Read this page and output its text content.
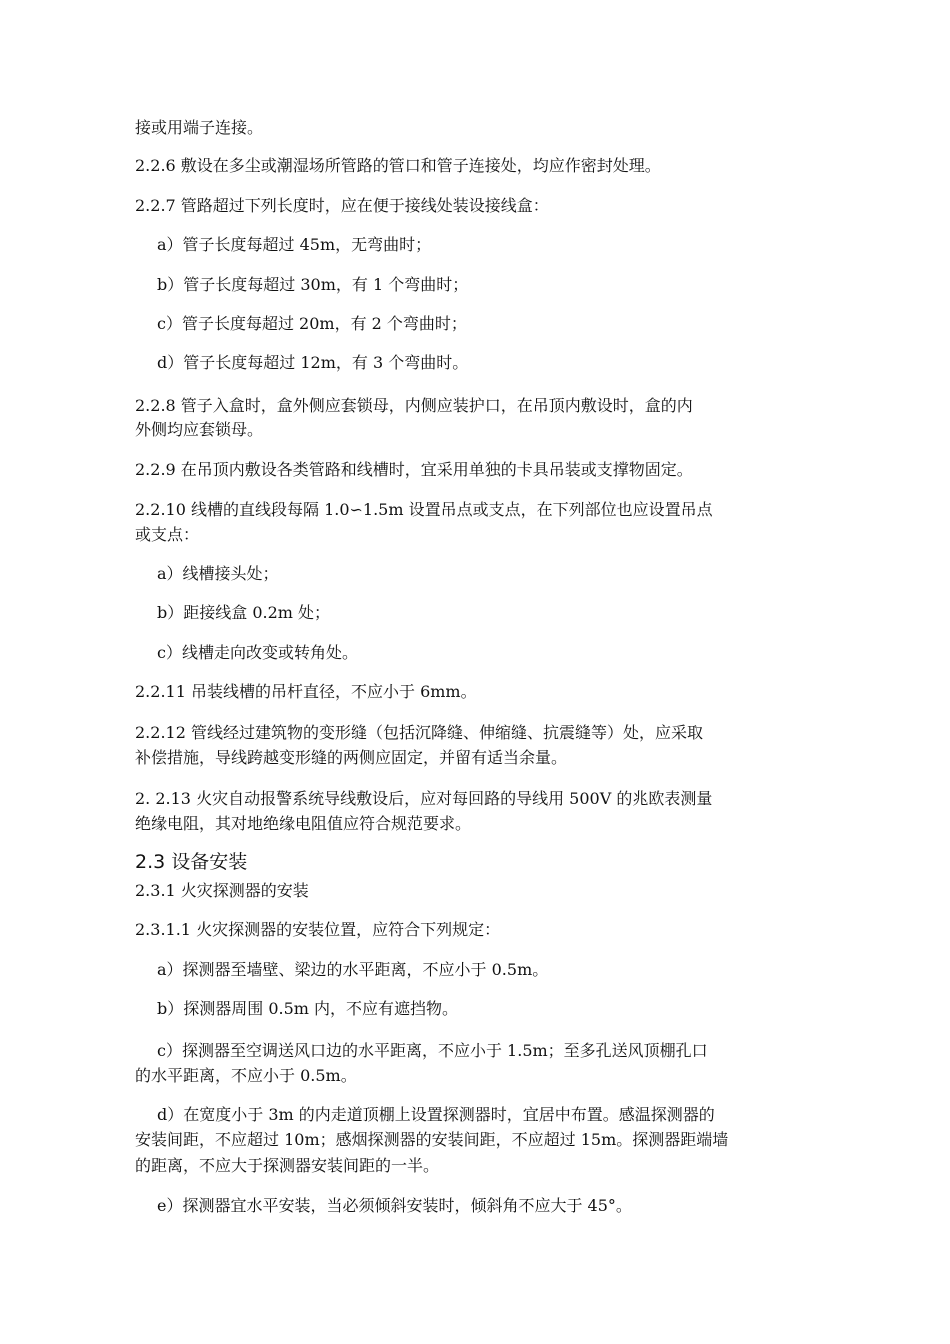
接或用端子连接。
2.2.6 敷设在多尘或潮湿场所管路的管口和管子连接处，均应作密封处理。
2.2.7 管路超过下列长度时，应在便于接线处装设接线盒：
a）管子长度每超过 45m，无弯曲时；
b）管子长度每超过 30m，有 1 个弯曲时；
c）管子长度每超过 20m，有 2 个弯曲时；
d）管子长度每超过 12m，有 3 个弯曲时。
2.2.8 管子入盒时，盒外侧应套锁母，内侧应装护口，在吊顶内敷设时，盒的内
外侧均应套锁母。
2.2.9 在吊顶内敷设各类管路和线槽时，宜采用单独的卡具吊装或支撑物固定。
2.2.10 线槽的直线段每隔 1.0∽1.5m 设置吊点或支点，在下列部位也应设置吊点
或支点：
a）线槽接头处；
b）距接线盒 0.2m 处；
c）线槽走向改变或转角处。
2.2.11 吊装线槽的吊杆直径，不应小于 6mm。
2.2.12 管线经过建筑物的变形缝（包括沉降缝、伸缩缝、抗震缝等）处，应采取
补偿措施，导线跨越变形缝的两侧应固定，并留有适当余量。
2. 2.13 火灾自动报警系统导线敷设后，应对每回路的导线用 500V 的兆欧表测量
绝缘电阻，其对地绝缘电阻值应符合规范要求。
2.3 设备安装
2.3.1 火灾探测器的安装
2.3.1.1 火灾探测器的安装位置，应符合下列规定：
a）探测器至墙壁、梁边的水平距离，不应小于 0.5m。
b）探测器周围 0.5m 内，不应有遮挡物。
c）探测器至空调送风口边的水平距离，不应小于 1.5m；至多孔送风顶棚孔口
的水平距离，不应小于 0.5m。
d）在宽度小于 3m 的内走道顶棚上设置探测器时，宜居中布置。感温探测器的
安装间距，不应超过 10m；感烟探测器的安装间距，不应超过 15m。探测器距端墙
的距离，不应大于探测器安装间距的一半。
e）探测器宜水平安装，当必须倾斜安装时，倾斜角不应大于 45°。
